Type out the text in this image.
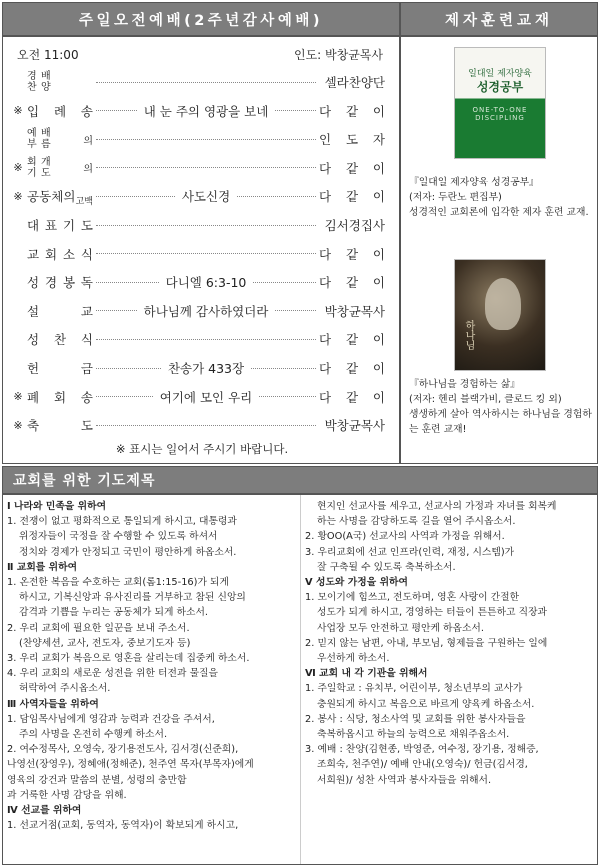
주일오전예배(2주년감사예배)	제자훈련교재
오전 11:00	인도: 박창균목사
경 배
찬 양	셀라찬양단
※ 입 례 송	내 눈 주의 영광을 보네	다 같 이
예 배
부 름	의	인 도 자
※ 회 개
기 도	의	다 같 이
※ 공 동 체 의 고백	사도신경	다 같 이
대 표 기 도	김서경집사
교 회 소 식	다 같 이
성 경 봉 독	다니엘 6:3-10	다 같 이
설	교	하나님께 감사하였더라	박창균목사
성 찬 식	다 같 이
헌	금	찬송가 433장	다 같 이
※ 폐 회 송	여기에 모인 우리	다 같 이
※ 축	도	박창균목사
※ 표시는 일어서 주시기 바랍니다.
일대일 제자양육
성경공부
ONE-TO-ONE DISCIPLING
『일대일 제자양육 성경공부』
(저자: 두란노 편집부)
성경적인 교회론에 입각한 제자 훈련 교재.
하나님
『하나님을 경험하는 삶』
(저자: 헨리 블랙가비, 클로드 킹 외)
생생하게 살아 역사하시는 하나님을 경험하는 훈련 교재!
교회를 위한 기도제목
Ⅰ 나라와 민족을 위하여
1. 전쟁이 없고 평화적으로 통일되게 하시고, 대통령과
위정자들이 국정을 잘 수행할 수 있도록 하셔서
정치와 경제가 안정되고 국민이 평안하게 하옵소서.
Ⅱ 교회를 위하여
1. 온전한 복음을 수호하는 교회(롬1:15-16)가 되게
하시고, 기복신앙과 유사진리를 거부하고 참된 신앙의
감격과 기쁨을 누리는 공동체가 되게 하소서.
2. 우리 교회에 필요한 일꾼을 보내 주소서.
(찬양세션, 교사, 전도자, 중보기도자 등)
3. 우리 교회가 복음으로 영혼을 살리는데 집중케 하소서.
4. 우리 교회의 새로운 성전을 위한 터전과 물질을
허락하여 주시옵소서.
Ⅲ 사역자들을 위하여
1. 담임목사님에게 영감과 능력과 건강을 주셔서,
주의 사명을 온전히 수행케 하소서.
2. 여수정목사, 오영숙, 장기용전도사, 김서경(신준희),
나영선(장영우), 정혜애(정해준), 천주연 목자(부목자)에게
영육의 강건과 말씀의 분별, 성령의 충만함
과 거룩한 사명 감당을 위해.
Ⅳ 선교를 위하여
1. 선교거점(교회, 동역자, 동역자)이 확보되게 하시고,
현지인 선교사를 세우고, 선교사의 가정과 자녀를 회복케
하는 사명을 감당하도록 길을 열어 주시옵소서.
2. 황OO(A국) 선교사의 사역과 가정을 위해서.
3. 우리교회에 선교 인프라(인력, 재정, 시스템)가
잘 구축될 수 있도록 축복하소서.
Ⅴ 성도와 가정을 위하여
1. 모이기에 힘쓰고, 전도하며, 영혼 사랑이 간절한
성도가 되게 하시고, 경영하는 터들이 튼튼하고 직장과
사업장 모두 안전하고 평안케 하옵소서.
2. 믿지 않는 남편, 아내, 부모님, 형제들을 구원하는 일에
우선하게 하소서.
Ⅵ 교회 내 각 기관을 위해서
1. 주일학교 : 유치부, 어린이부, 청소년부의 교사가
충원되게 하시고 복음으로 바르게 양육케 하옵소서.
2. 봉사 : 식당, 청소사역 및 교회를 위한 봉사자들을
축복하옵시고 하늘의 능력으로 채워주옵소서.
3. 예배 : 찬양(김현종, 박영준, 여수정, 장기용, 정해증,
조희숙, 천주연)/ 예배 안내(오영숙)/ 헌금(김서경,
서희원)/ 성찬 사역과 봉사자들을 위해서.
